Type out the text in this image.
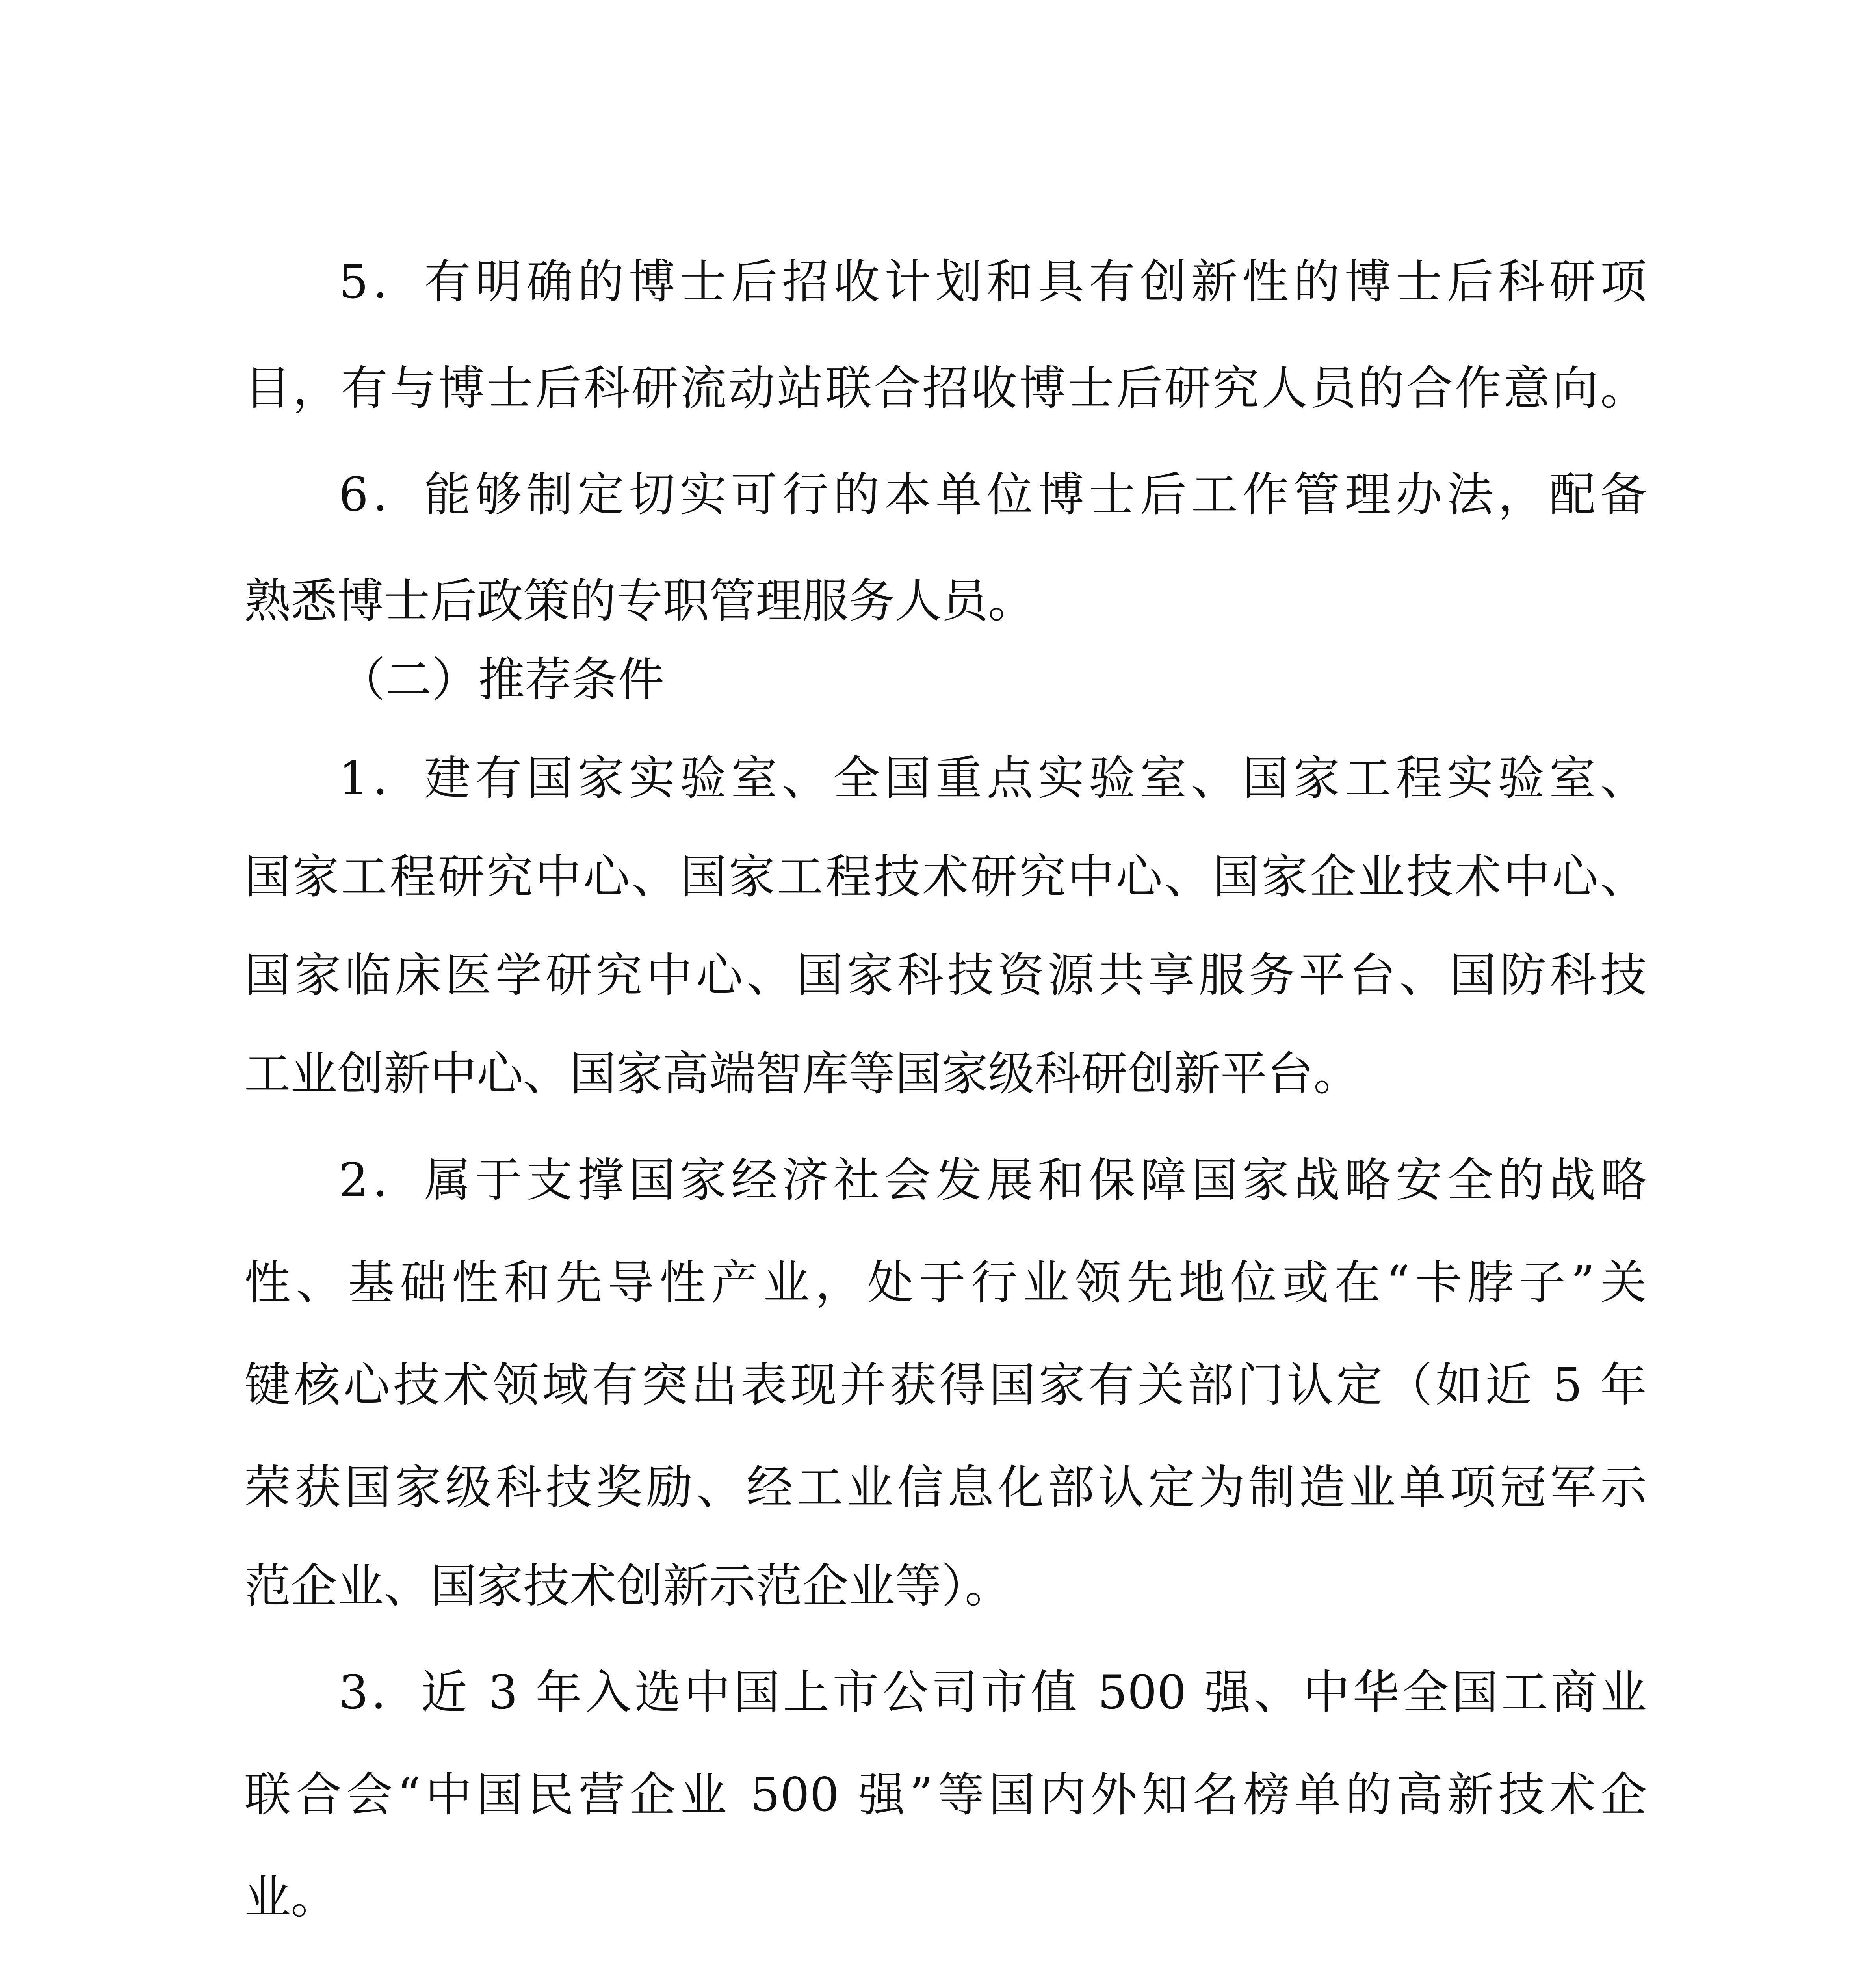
5．有明确的博士后招收计划和具有创新性的博士后科研项
目，有与博士后科研流动站联合招收博士后研究人员的合作意向。
6．能够制定切实可行的本单位博士后工作管理办法，配备
熟悉博士后政策的专职管理服务人员。
（二）推荐条件
1．建有国家实验室、全国重点实验室、国家工程实验室、
国家工程研究中心、国家工程技术研究中心、国家企业技术中心、
国家临床医学研究中心、国家科技资源共享服务平台、国防科技
工业创新中心、国家高端智库等国家级科研创新平台。
2．属于支撑国家经济社会发展和保障国家战略安全的战略
性、基础性和先导性产业，处于行业领先地位或在“卡脖子”关
键核心技术领域有突出表现并获得国家有关部门认定（如近 5 年
荣获国家级科技奖励、经工业信息化部认定为制造业单项冠军示
范企业、国家技术创新示范企业等）。
3．近 3 年入选中国上市公司市值 500 强、中华全国工商业
联合会“中国民营企业 500 强”等国内外知名榜单的高新技术企
业。
